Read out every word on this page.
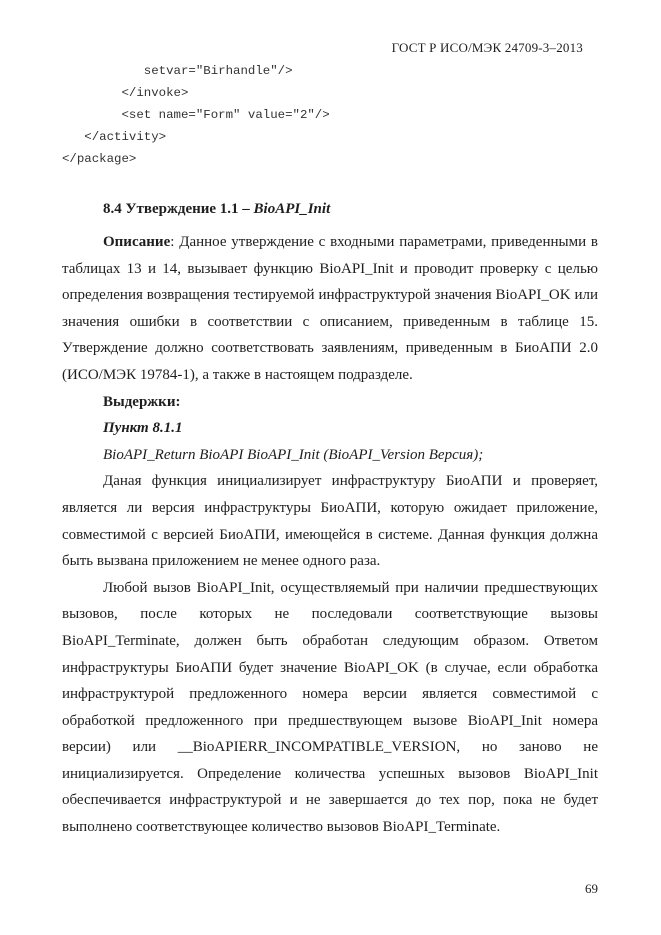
ГОСТ Р ИСО/МЭК 24709-3–2013
setvar="Birhandle"/>
</invoke>
<set name="Form" value="2"/>
</activity>
</package>
8.4 Утверждение 1.1 – BioAPI_Init

Описание: Данное утверждение с входными параметрами, приведенными в таблицах 13 и 14, вызывает функцию BioAPI_Init и проводит проверку с целью определения возвращения тестируемой инфраструктурой значения BioAPI_OK или значения ошибки в соответствии с описанием, приведенным в таблице 15. Утверждение должно соответствовать заявлениям, приведенным в БиоАПИ 2.0 (ИСО/МЭК 19784-1), а также в настоящем подразделе.

Выдержки:

Пункт 8.1.1

BioAPI_Return BioAPI BioAPI_Init (BioAPI_Version Версия);

Даная функция инициализирует инфраструктуру БиоАПИ и проверяет, является ли версия инфраструктуры БиоАПИ, которую ожидает приложение, совместимой с версией БиоАПИ, имеющейся в системе. Данная функция должна быть вызвана приложением не менее одного раза.

Любой вызов BioAPI_Init, осуществляемый при наличии предшествующих вызовов, после которых не последовали соответствующие вызовы BioAPI_Terminate, должен быть обработан следующим образом. Ответом инфраструктуры БиоАПИ будет значение BioAPI_OK (в случае, если обработка инфраструктурой предложенного номера версии является совместимой с обработкой предложенного при предшествующем вызове BioAPI_Init номера версии) или __BioAPIERR_INCOMPATIBLE_VERSION, но заново не инициализируется. Определение количества успешных вызовов BioAPI_Init обеспечивается инфраструктурой и не завершается до тех пор, пока не будет выполнено соответствующее количество вызовов BioAPI_Terminate.

69
